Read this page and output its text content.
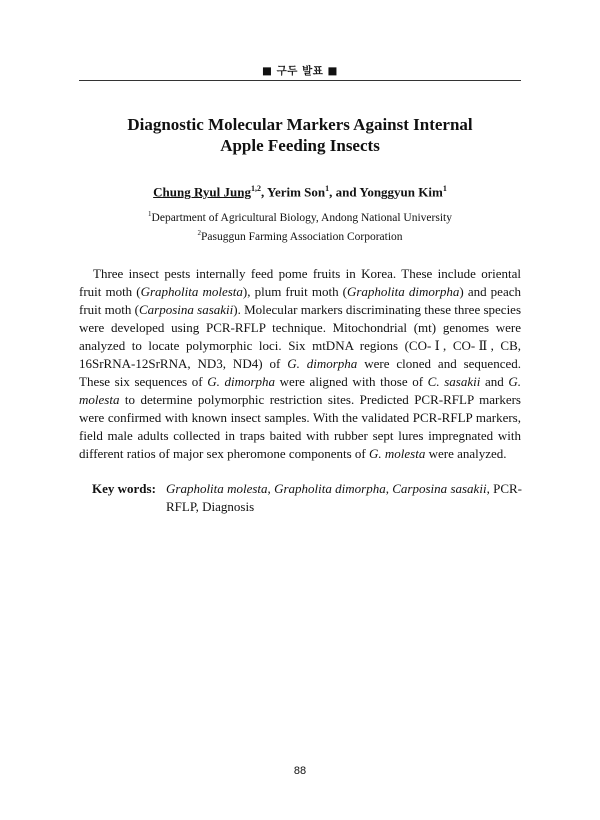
■ 구두 발표 ■
Diagnostic Molecular Markers Against Internal
Apple Feeding Insects
Chung Ryul Jung$^{1,2}$, Yerim Son$^1$, and Yonggyun Kim$^1$
$^1$Department of Agricultural Biology, Andong National University
$^2$Pasuggun Farming Association Corporation

Three insect pests internally feed pome fruits in Korea. These include oriental fruit moth (Grapholita molesta), plum fruit moth (Grapholita dimorpha) and peach fruit moth (Carposina sasakii). Molecular markers discriminating these three species were developed using PCR-RFLP technique. Mitochondrial (mt) genomes were analyzed to locate polymorphic loci. Six mtDNA regions (CO-Ⅰ, CO-Ⅱ, CB, 16SrRNA-12SrRNA, ND3, ND4) of G. dimorpha were cloned and sequenced. These six sequences of G. dimorpha were aligned with those of C. sasakii and G. molesta to determine polymorphic restriction sites. Predicted PCR-RFLP markers were confirmed with known insect samples. With the validated PCR-RFLP markers, field male adults collected in traps baited with rubber sept lures impregnated with different ratios of major sex pheromone components of G. molesta were analyzed.

Key words: Grapholita molesta, Grapholita dimorpha, Carposina sasakii, PCR-RFLP, Diagnosis
88
